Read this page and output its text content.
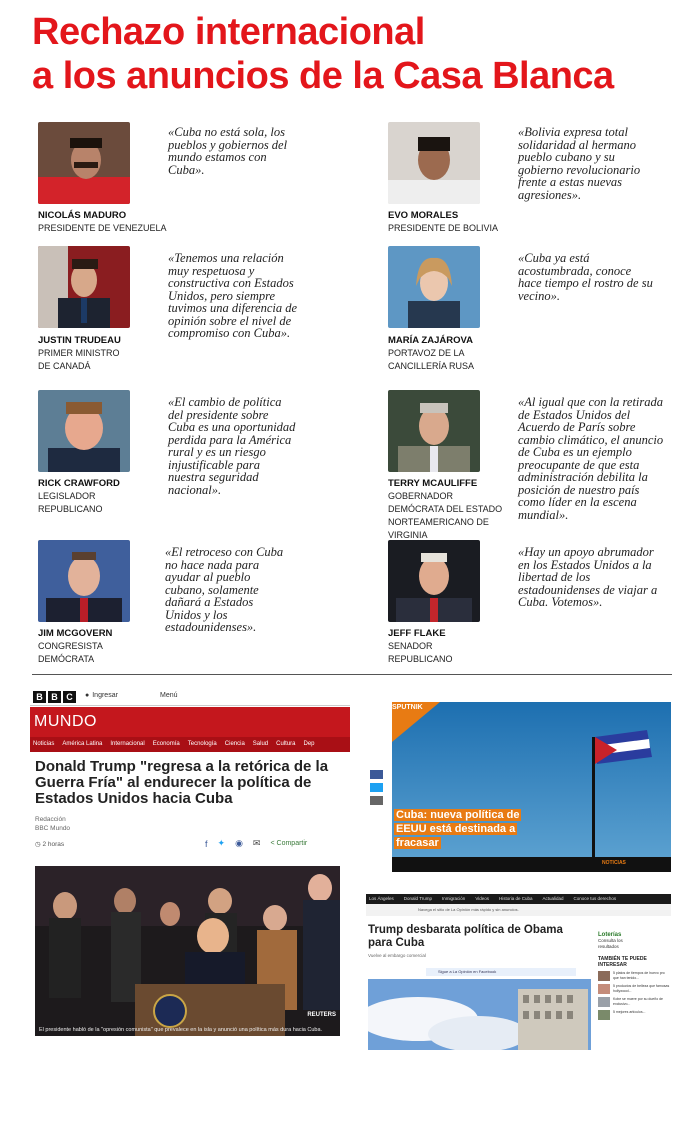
Rechazo internacional
a los anuncios de la Casa Blanca
NICOLÁS MADURO
PRESIDENTE DE VENEZUELA
«Cuba no está sola, los pueblos y gobiernos del mundo estamos con Cuba».
EVO MORALES
PRESIDENTE DE BOLIVIA
«Bolivia expresa total solidaridad al hermano pueblo cubano y su gobierno revolucionario frente a estas nuevas agresiones».
JUSTIN TRUDEAU
PRIMER MINISTRO DE CANADÁ
«Tenemos una relación muy respetuosa y constructiva con Estados Unidos, pero siempre tuvimos una diferencia de opinión sobre el nivel de compromiso con Cuba».
MARÍA ZAJÁROVA
PORTAVOZ DE LA CANCILLERÍA RUSA
«Cuba ya está acostumbrada, conoce hace tiempo el rostro de su vecino».
RICK CRAWFORD
LEGISLADOR REPUBLICANO
«El cambio de política del presidente sobre Cuba es una oportunidad perdida para la América rural y es un riesgo injustificable para nuestra seguridad nacional».	TERRY MCAULIFFE
GOBERNADOR DEMÓCRATA DEL ESTADO NORTEAMERICANO DE VIRGINIA
«Al igual que con la retirada de Estados Unidos del Acuerdo de París sobre cambio climático, el anuncio de Cuba es un ejemplo preocupante de que esta administración debilita la posición de nuestro país como líder en la escena mundial».
JIM MCGOVERN
CONGRESISTA DEMÓCRATA
«El retroceso con Cuba no hace nada para ayudar al pueblo cubano, solamente dañará a Estados Unidos y los estadounidenses».	JEFF FLAKE
SENADOR REPUBLICANO
«Hay un apoyo abrumador en los Estados Unidos a la libertad de los estadounidenses de viajar a Cuba. Votemos».
B B C
●	Ingresar	Menú
MUNDO
Noticias América Latina Internacional Economía Tecnología Ciencia Salud Cultura Dep
Donald Trump "regresa a la retórica de la Guerra Fría" al endurecer la política de Estados Unidos hacia Cuba
Redacción
BBC Mundo
◷ 2 horas	f ✦ ◉ ✉ < Compartir
REUTERS
El presidente habló de la "opresión comunista" que prevalece en la isla y anunció una política más dura hacia Cuba.
SPUTNIK
Cuba: nueva política de EEUU está destinada a fracasar
NOTICIAS
Los Ángeles Donald Trump Inmigración Videos Historia de Cuba Actualidad Conoce tus derechos
Navega el sitio de La Opinión más rápido y sin anuncios.
Trump desbarata política de Obama para Cuba
Vuelve al embargo comercial
Sigue a La Opinión en Facebook
Loterías
Consulta los resultados
TAMBIÉN TE PUEDE INTERESAR
5 platos de tiempos de huevo pro que han tenido...
5 productos de belleza que famosas hollywood...
Kobe se muere por su dueño de exclusivo...
5 mejores artículos...
